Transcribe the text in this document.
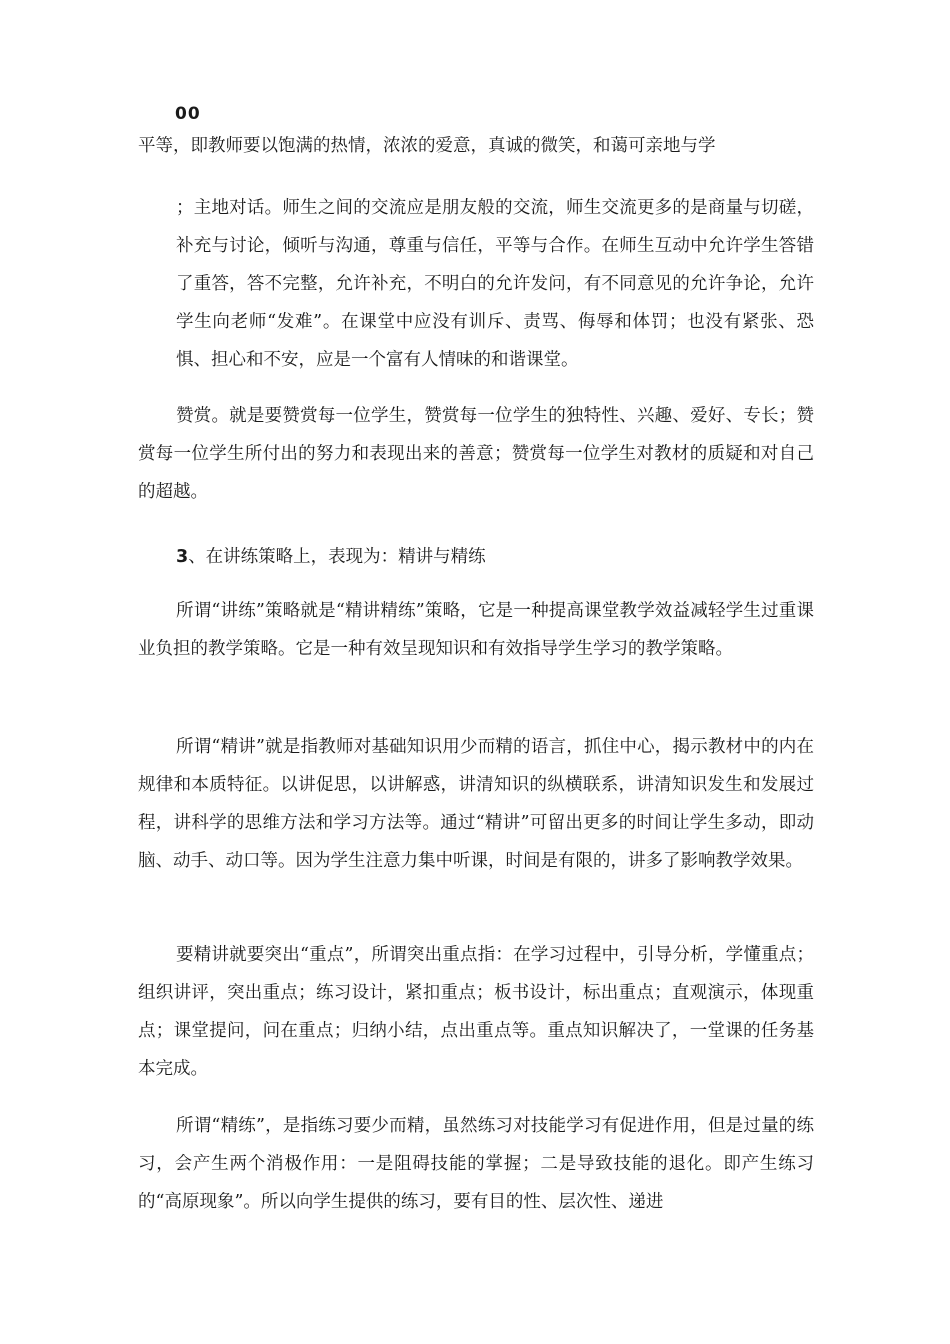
00

平等，即教师要以饱满的热情，浓浓的爱意，真诚的微笑，和蔼可亲地与学

；主地对话。师生之间的交流应是朋友般的交流，师生交流更多的是商量与切磋，补充与讨论，倾听与沟通，尊重与信任，平等与合作。在师生互动中允许学生答错了重答，答不完整，允许补充，不明白的允许发问，有不同意见的允许争论，允许学生向老师“发难”。在课堂中应没有训斥、责骂、侮辱和体罚；也没有紧张、恐惧、担心和不安，应是一个富有人情味的和谐课堂。

赞赏。就是要赞赏每一位学生，赞赏每一位学生的独特性、兴趣、爱好、专长；赞赏每一位学生所付出的努力和表现出来的善意；赞赏每一位学生对教材的质疑和对自己的超越。

3、在讲练策略上，表现为：精讲与精练

所谓“讲练”策略就是“精讲精练”策略，它是一种提高课堂教学效益减轻学生过重课业负担的教学策略。它是一种有效呈现知识和有效指导学生学习的教学策略。

所谓“精讲”就是指教师对基础知识用少而精的语言，抓住中心，揭示教材中的内在规律和本质特征。以讲促思，以讲解惑，讲清知识的纵横联系，讲清知识发生和发展过程，讲科学的思维方法和学习方法等。通过“精讲”可留出更多的时间让学生多动，即动脑、动手、动口等。因为学生注意力集中听课，时间是有限的，讲多了影响教学效果。

要精讲就要突出“重点”，所谓突出重点指：在学习过程中，引导分析，学懂重点；组织讲评，突出重点；练习设计，紧扣重点；板书设计，标出重点；直观演示，体现重点；课堂提问，问在重点；归纳小结，点出重点等。重点知识解决了，一堂课的任务基本完成。

所谓“精练”，是指练习要少而精，虽然练习对技能学习有促进作用，但是过量的练习，会产生两个消极作用：一是阻碍技能的掌握；二是导致技能的退化。即产生练习的“高原现象”。所以向学生提供的练习，要有目的性、层次性、递进
